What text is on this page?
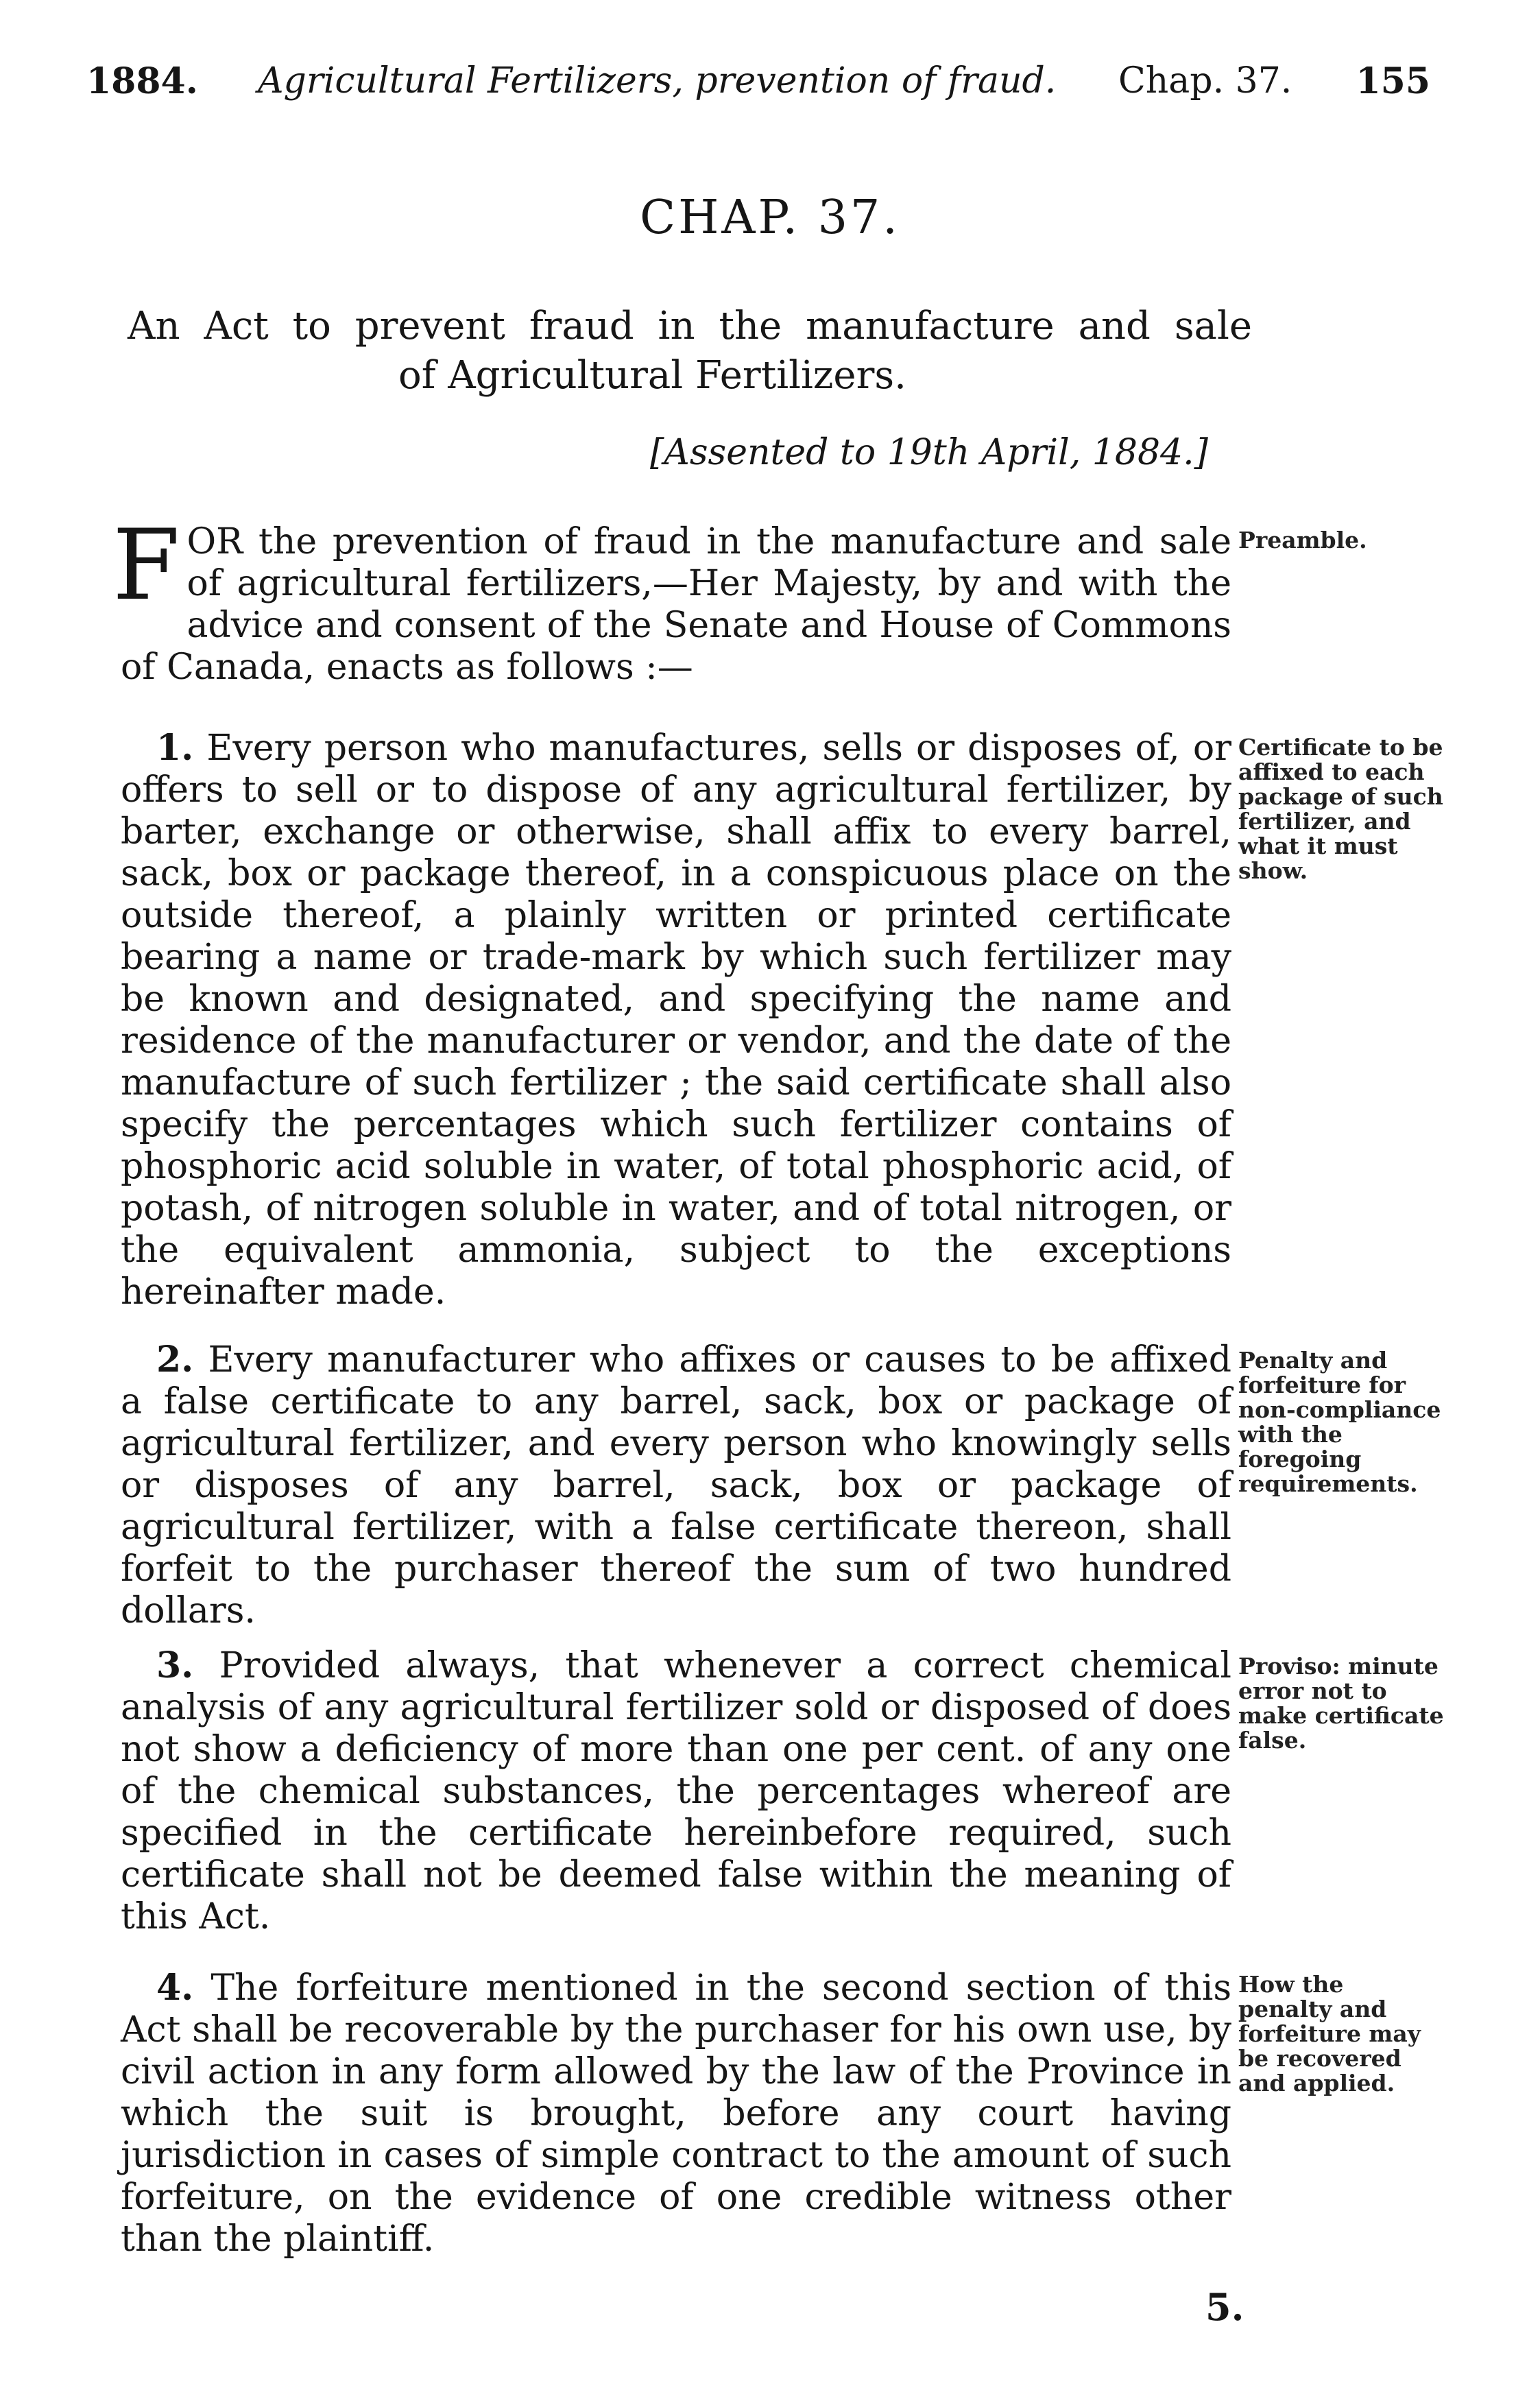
1884. Agricultural Fertilizers, prevention of fraud. Chap. 37. 155
CHAP. 37.
An Act to prevent fraud in the manufacture and sale
of Agricultural Fertilizers.
[Assented to 19th April, 1884.]

F OR the prevention of fraud in the manufacture and sale of agricultural fertilizers,—Her Majesty, by and with the advice and consent of the Senate and House of Commons of Canada, enacts as follows :—

Preamble.

 1. Every person who manufactures, sells or disposes of, or offers to sell or to dispose of any agricultural fertilizer, by barter, exchange or otherwise, shall affix to every barrel, sack, box or package thereof, in a conspicuous place on the outside thereof, a plainly written or printed certificate bearing a name or trade-mark by which such fertilizer may be known and designated, and specifying the name and residence of the manufacturer or vendor, and the date of the manufacture of such fertilizer ; the said certificate shall also specify the percentages which such fertilizer contains of phosphoric acid soluble in water, of total phosphoric acid, of potash, of nitrogen soluble in water, and of total nitrogen, or the equivalent ammonia, subject to the exceptions hereinafter made.

Certificate to be affixed to each package of such fertilizer, and what it must show.

 2. Every manufacturer who affixes or causes to be affixed a false certificate to any barrel, sack, box or package of agricultural fertilizer, and every person who knowingly sells or disposes of any barrel, sack, box or package of agricultural fertilizer, with a false certificate thereon, shall forfeit to the purchaser thereof the sum of two hundred dollars.

Penalty and forfeiture for non-compliance with the foregoing requirements.

 3. Provided always, that whenever a correct chemical analysis of any agricultural fertilizer sold or disposed of does not show a deficiency of more than one per cent. of any one of the chemical substances, the percentages whereof are specified in the certificate hereinbefore required, such certificate shall not be deemed false within the meaning of this Act.

Proviso: minute error not to make certificate false.

 4. The forfeiture mentioned in the second section of this Act shall be recoverable by the purchaser for his own use, by civil action in any form allowed by the law of the Province in which the suit is brought, before any court having jurisdiction in cases of simple contract to the amount of such forfeiture, on the evidence of one credible witness other than the plaintiff.

How the penalty and forfeiture may be recovered and applied.
5.
